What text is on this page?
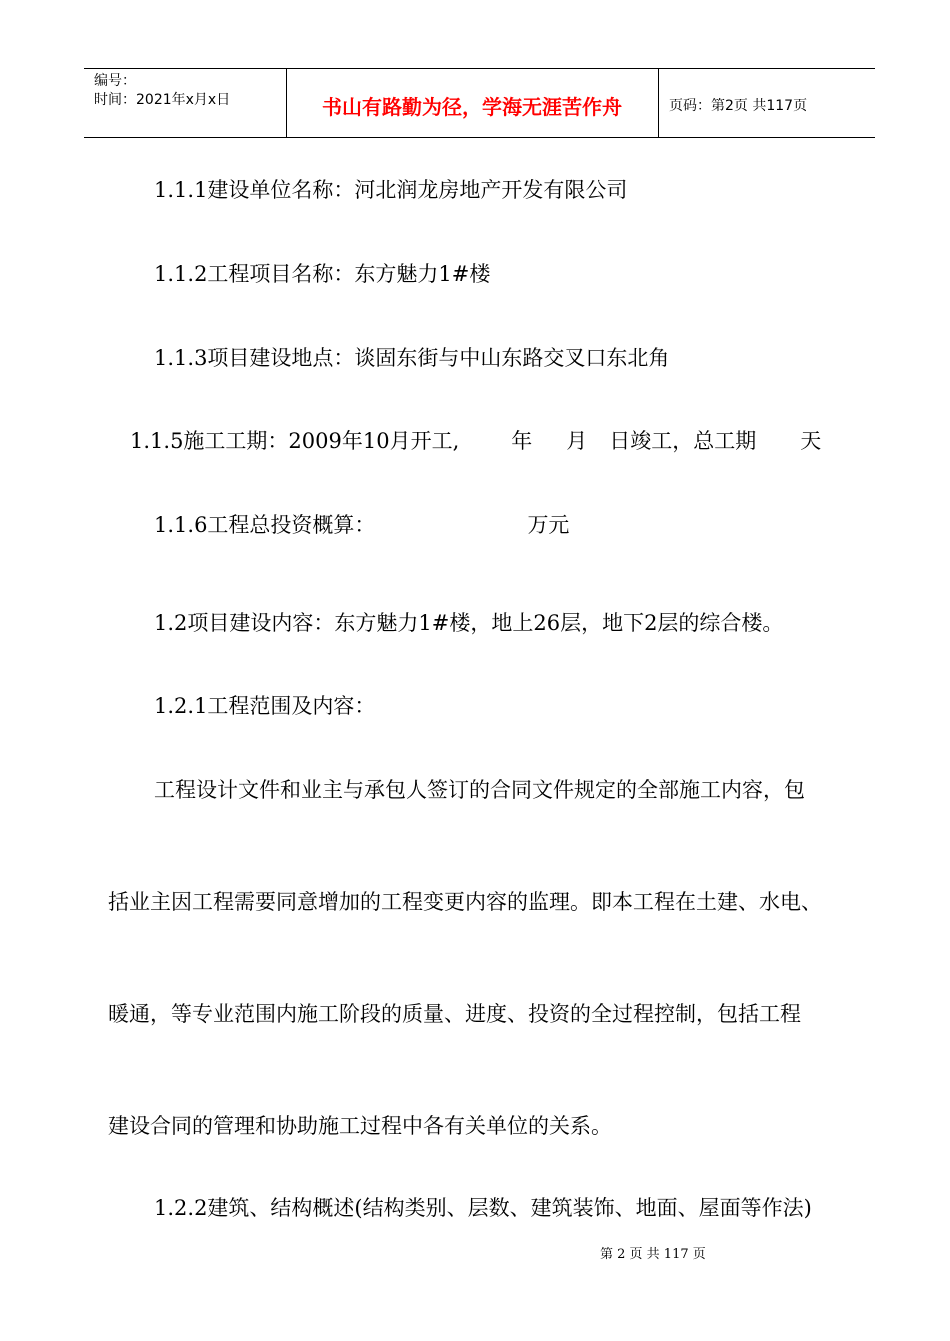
编号：
时间：2021年x月x日	书山有路勤为径，学海无涯苦作舟	页码：第2页 共117页
1.1.1建设单位名称：河北润龙房地产开发有限公司
1.1.2工程项目名称：东方魅力1#楼
1.1.3项目建设地点：谈固东街与中山东路交叉口东北角
1.1.5施工工期：2009年10月开工, 年 月 日竣工，总工期 天
1.1.6工程总投资概算：	万元
1.2项目建设内容：东方魅力1#楼，地上26层，地下2层的综合楼。
1.2.1工程范围及内容：
工程设计文件和业主与承包人签订的合同文件规定的全部施工内容，包
括业主因工程需要同意增加的工程变更内容的监理。即本工程在土建、水电、
暖通，等专业范围内施工阶段的质量、进度、投资的全过程控制，包括工程
建设合同的管理和协助施工过程中各有关单位的关系。
1.2.2建筑、结构概述(结构类别、层数、建筑装饰、地面、屋面等作法)
第 2 页 共 117 页
